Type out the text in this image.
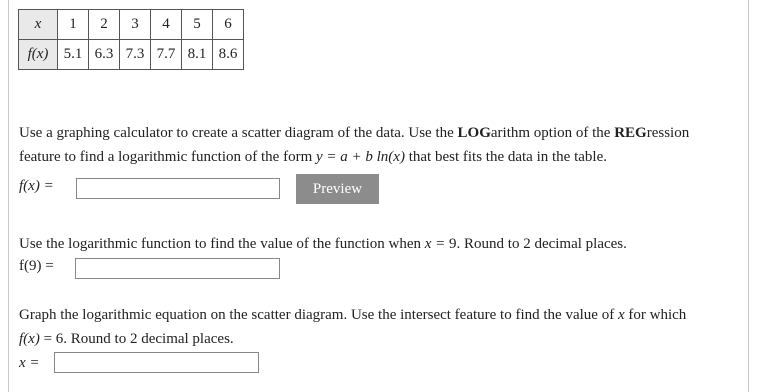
x	1	2	3	4	5	6
f(x)	5.1	6.3	7.3	7.7	8.1	8.6
Use a graphing calculator to create a scatter diagram of the data. Use the LOGarithm option of the REGression
feature to find a logarithmic function of the form y = a + b ln(x) that best fits the data in the table.
f(x) =	Preview
Use the logarithmic function to find the value of the function when x = 9. Round to 2 decimal places.
f(9) =
Graph the logarithmic equation on the scatter diagram. Use the intersect feature to find the value of x for which
f(x) = 6. Round to 2 decimal places.
x =
